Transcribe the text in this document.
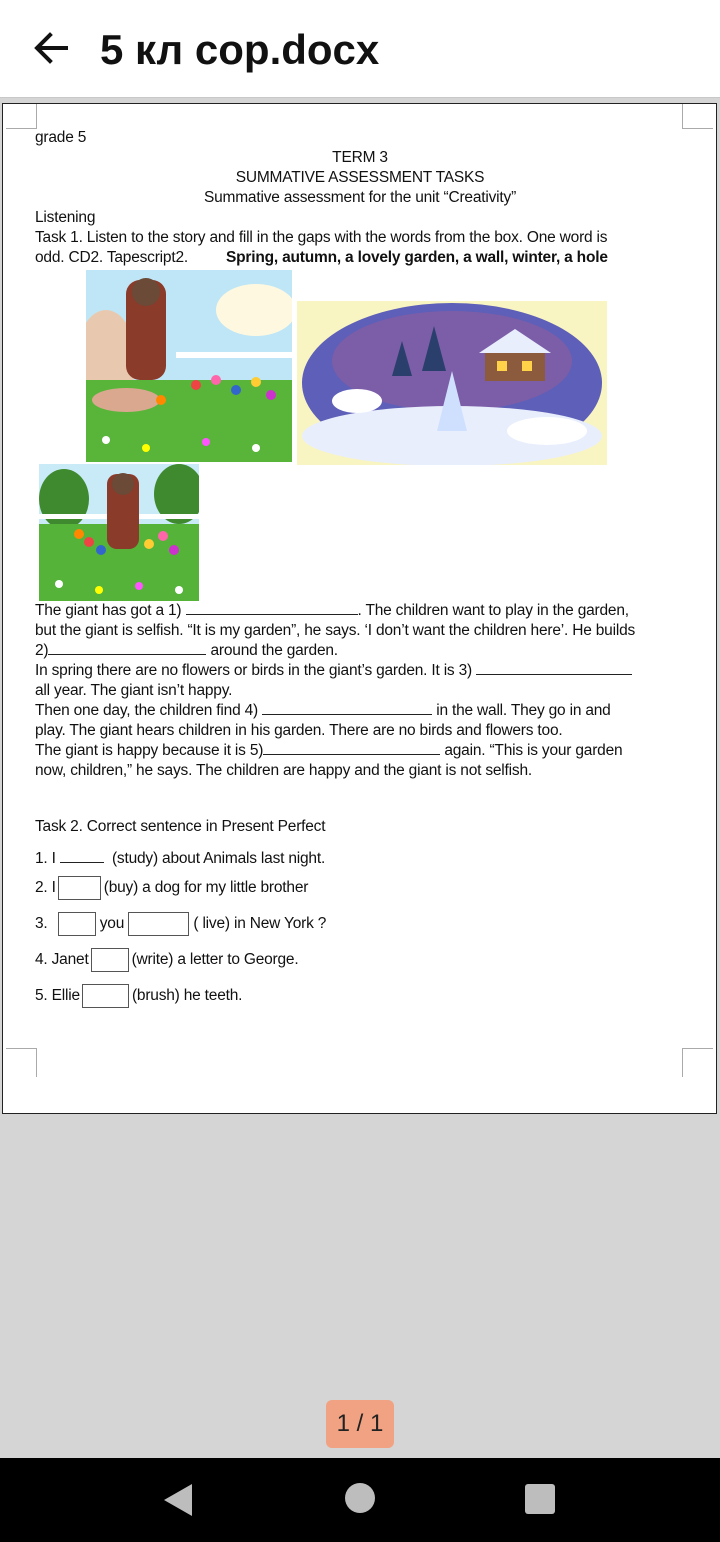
5 кл сор.docx
grade 5
TERM 3
SUMMATIVE ASSESSMENT TASKS
Summative assessment for the unit “Creativity”
Listening
Task 1. Listen to the story and fill in the gaps with the words from the box. One word is
odd. CD2. Tapescript2. Spring, autumn, a lovely garden, a wall, winter, a hole
The giant has got a 1)	. The children want to play in the garden,
but the giant is selfish. “It is my garden”, he says. ‘I don’t want the children here’. He builds
2)	around the garden.
In spring there are no flowers or birds in the giant’s garden. It is 3)
all year. The giant isn’t happy.
Then one day, the children find 4)	in the wall. They go in and
play. The giant hears children in his garden. There are no birds and flowers too.
The giant is happy because it is 5)	again. “This is your garden
now, children,” he says. The children are happy and the giant is not selfish.
Task 2. Correct sentence in Present Perfect
1. I	(study) about Animals last night.
2. I	(buy) a dog for my little brother
3.	you	( live) in New York ?
4. Janet	(write) a letter to George.
5. Ellie	(brush) he teeth.
1 / 1
